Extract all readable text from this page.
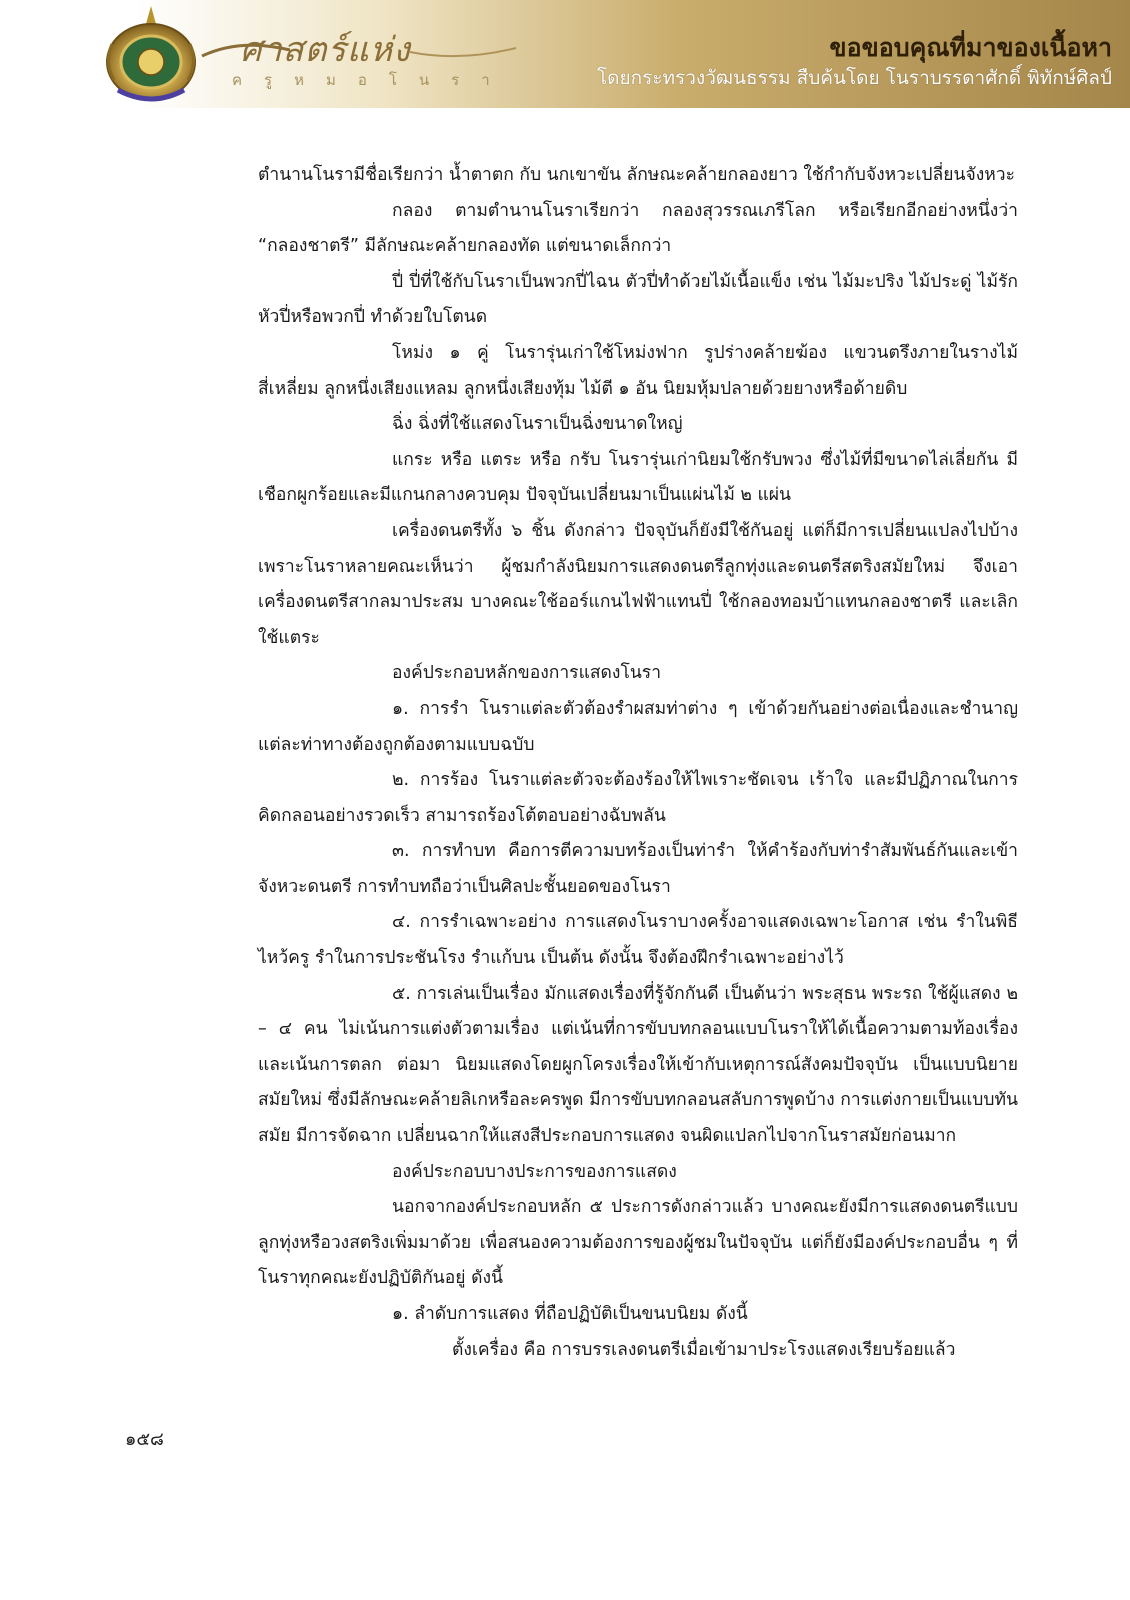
ศาสตร์แห่ง
ครูหมอโนรา
ขอขอบคุณที่มาของเนื้อหา
โดยกระทรวงวัฒนธรรม สืบค้นโดย โนราบรรดาศักดิ์ พิทักษ์ศิลป์

ตำนานโนรามีชื่อเรียกว่า น้ำตาตก กับ นกเขาขัน ลักษณะคล้ายกลองยาว ใช้กำกับจังหวะเปลี่ยนจังหวะ

กลอง ตามตำนานโนราเรียกว่า กลองสุวรรณเภรีโลก หรือเรียกอีกอย่างหนึ่งว่า “กลองชาตรี” มีลักษณะคล้ายกลองทัด แต่ขนาดเล็กกว่า

ปี่ ปี่ที่ใช้กับโนราเป็นพวกปี่ไฉน ตัวปี่ทำด้วยไม้เนื้อแข็ง เช่น ไม้มะปริง ไม้ประดู่ ไม้รัก หัวปี่หรือพวกปี่ ทำด้วยใบโตนด

โหม่ง ๑ คู่ โนรารุ่นเก่าใช้โหม่งฟาก รูปร่างคล้ายฆ้อง แขวนตรึงภายในรางไม้สี่เหลี่ยม ลูกหนึ่งเสียงแหลม ลูกหนึ่งเสียงทุ้ม ไม้ตี ๑ อัน นิยมหุ้มปลายด้วยยางหรือด้ายดิบ

ฉิ่ง ฉิ่งที่ใช้แสดงโนราเป็นฉิ่งขนาดใหญ่

แกระ หรือ แตระ หรือ กรับ โนรารุ่นเก่านิยมใช้กรับพวง ซึ่งไม้ที่มีขนาดไล่เลี่ยกัน มีเชือกผูกร้อยและมีแกนกลางควบคุม ปัจจุบันเปลี่ยนมาเป็นแผ่นไม้ ๒ แผ่น

เครื่องดนตรีทั้ง ๖ ชิ้น ดังกล่าว ปัจจุบันก็ยังมีใช้กันอยู่ แต่ก็มีการเปลี่ยนแปลงไปบ้างเพราะโนราหลายคณะเห็นว่า ผู้ชมกำลังนิยมการแสดงดนตรีลูกทุ่งและดนตรีสตริงสมัยใหม่ จึงเอาเครื่องดนตรีสากลมาประสม บางคณะใช้ออร์แกนไฟฟ้าแทนปี่ ใช้กลองทอมบ้าแทนกลองชาตรี และเลิกใช้แตระ

องค์ประกอบหลักของการแสดงโนรา

๑. การรำ โนราแต่ละตัวต้องรำผสมท่าต่าง ๆ เข้าด้วยกันอย่างต่อเนื่องและชำนาญ แต่ละท่าทางต้องถูกต้องตามแบบฉบับ

๒. การร้อง โนราแต่ละตัวจะต้องร้องให้ไพเราะชัดเจน เร้าใจ และมีปฏิภาณในการคิดกลอนอย่างรวดเร็ว สามารถร้องโต้ตอบอย่างฉับพลัน

๓. การทำบท คือการตีความบทร้องเป็นท่ารำ ให้คำร้องกับท่ารำสัมพันธ์กันและเข้าจังหวะดนตรี การทำบทถือว่าเป็นศิลปะชั้นยอดของโนรา

๔. การรำเฉพาะอย่าง การแสดงโนราบางครั้งอาจแสดงเฉพาะโอกาส เช่น รำในพิธีไหว้ครู รำในการประชันโรง รำแก้บน เป็นต้น ดังนั้น จึงต้องฝึกรำเฉพาะอย่างไว้

๕. การเล่นเป็นเรื่อง มักแสดงเรื่องที่รู้จักกันดี เป็นต้นว่า พระสุธน พระรถ ใช้ผู้แสดง ๒ – ๔ คน ไม่เน้นการแต่งตัวตามเรื่อง แต่เน้นที่การขับบทกลอนแบบโนราให้ได้เนื้อความตามท้องเรื่อง และเน้นการตลก ต่อมา นิยมแสดงโดยผูกโครงเรื่องให้เข้ากับเหตุการณ์สังคมปัจจุบัน เป็นแบบนิยายสมัยใหม่ ซึ่งมีลักษณะคล้ายลิเกหรือละครพูด มีการขับบทกลอนสลับการพูดบ้าง การแต่งกายเป็นแบบทันสมัย มีการจัดฉาก เปลี่ยนฉากให้แสงสีประกอบการแสดง จนผิดแปลกไปจากโนราสมัยก่อนมาก

องค์ประกอบบางประการของการแสดง

นอกจากองค์ประกอบหลัก ๕ ประการดังกล่าวแล้ว บางคณะยังมีการแสดงดนตรีแบบลูกทุ่งหรือวงสตริงเพิ่มมาด้วย เพื่อสนองความต้องการของผู้ชมในปัจจุบัน แต่ก็ยังมีองค์ประกอบอื่น ๆ ที่โนราทุกคณะยังปฏิบัติกันอยู่ ดังนี้

๑. ลำดับการแสดง ที่ถือปฏิบัติเป็นขนบนิยม ดังนี้

ตั้งเครื่อง คือ การบรรเลงดนตรีเมื่อเข้ามาประโรงแสดงเรียบร้อยแล้ว

๑๕๘
